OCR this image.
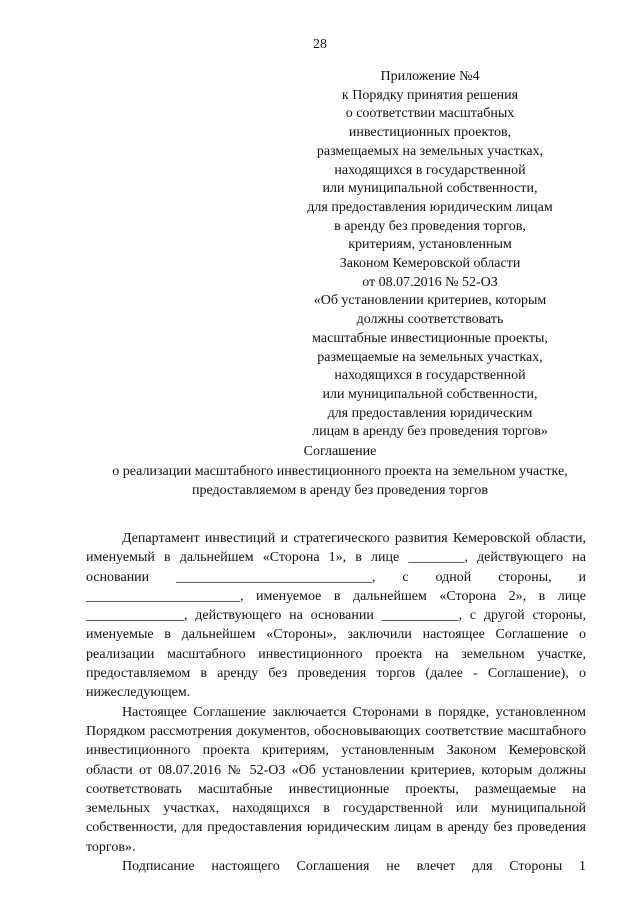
28
Приложение №4
к Порядку принятия решения
о соответствии масштабных
инвестиционных проектов,
размещаемых на земельных участках,
находящихся в государственной
или муниципальной собственности,
для предоставления юридическим лицам
в аренду без проведения торгов,
критериям, установленным
Законом Кемеровской области
от 08.07.2016 № 52-ОЗ
«Об установлении критериев, которым
должны соответствовать
масштабные инвестиционные проекты,
размещаемые на земельных участках,
находящихся в государственной
или муниципальной собственности,
для предоставления юридическим
лицам в аренду без проведения торгов»
Соглашение
о реализации масштабного инвестиционного проекта на земельном участке,
предоставляемом в аренду без проведения торгов

Департамент инвестиций и стратегического развития Кемеровской области, именуемый в дальнейшем «Сторона 1», в лице ________, действующего на основании ____________________________, с одной стороны, и ______________________, именуемое в дальнейшем «Сторона 2», в лице ______________, действующего на основании ___________, с другой стороны, именуемые в дальнейшем «Стороны», заключили настоящее Соглашение о реализации масштабного инвестиционного проекта на земельном участке, предоставляемом в аренду без проведения торгов (далее - Соглашение), о нижеследующем.

Настоящее Соглашение заключается Сторонами в порядке, установленном Порядком рассмотрения документов, обосновывающих соответствие масштабного инвестиционного проекта критериям, установленным Законом Кемеровской области от 08.07.2016 № 52-ОЗ «Об установлении критериев, которым должны соответствовать масштабные инвестиционные проекты, размещаемые на земельных участках, находящихся в государственной или муниципальной собственности, для предоставления юридическим лицам в аренду без проведения торгов».

Подписание настоящего Соглашения не влечет для Стороны 1
